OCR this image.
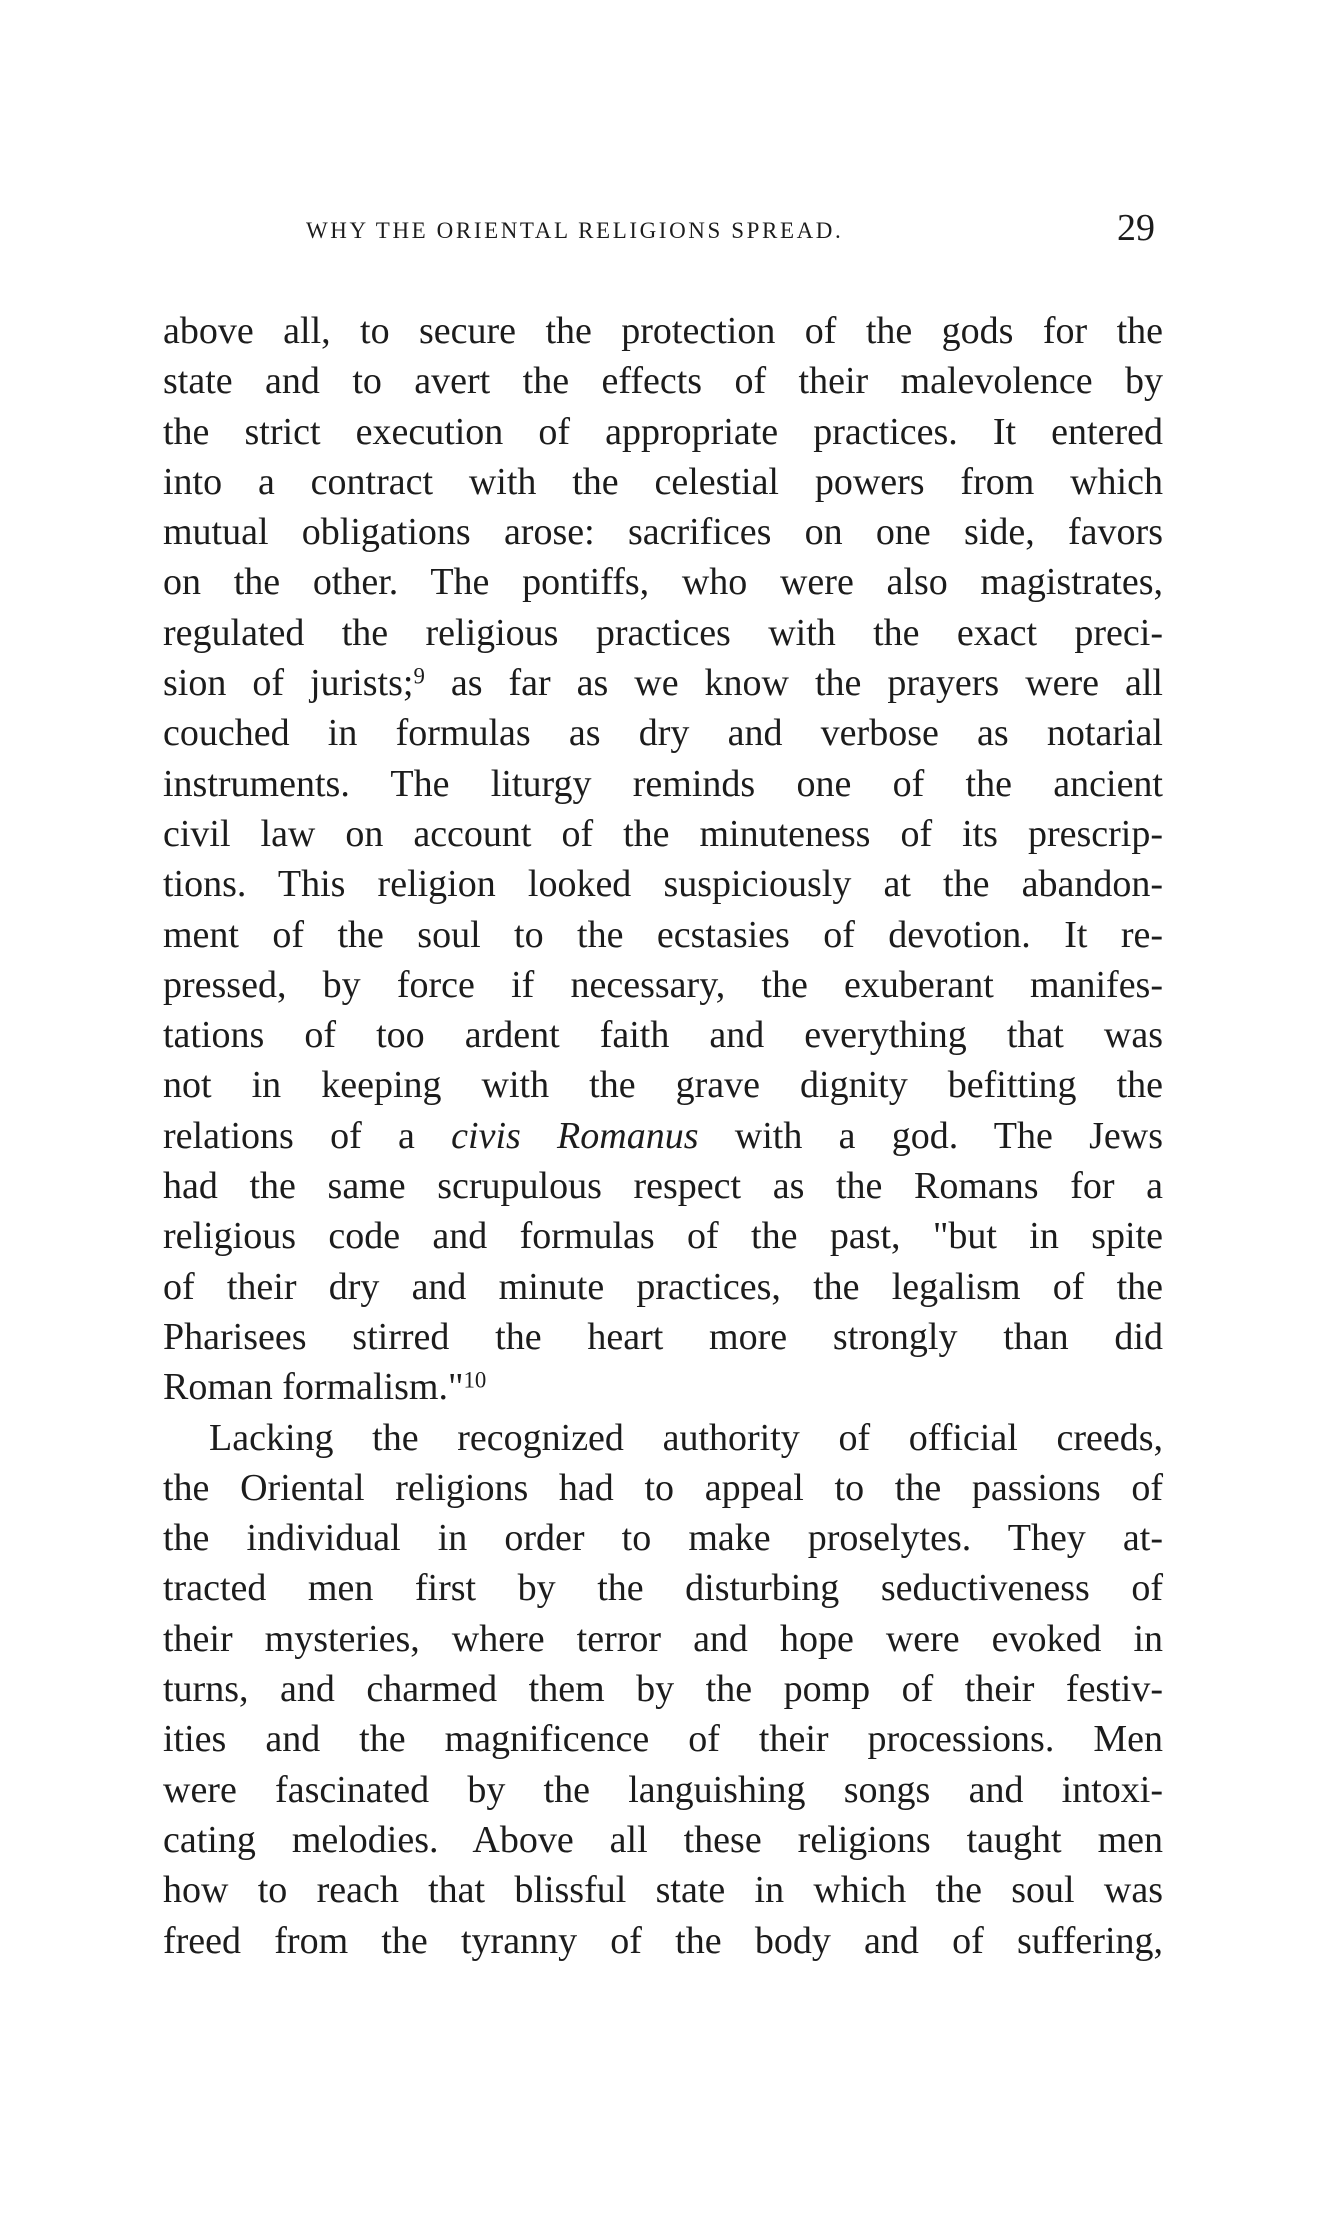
WHY THE ORIENTAL RELIGIONS SPREAD.	29
above all, to secure the protection of the gods for the
state and to avert the effects of their malevolence by
the strict execution of appropriate practices. It entered
into a contract with the celestial powers from which
mutual obligations arose: sacrifices on one side, favors
on the other. The pontiffs, who were also magistrates,
regulated the religious practices with the exact preci-
sion of jurists;$^9$ as far as we know the prayers were all
couched in formulas as dry and verbose as notarial
instruments. The liturgy reminds one of the ancient
civil law on account of the minuteness of its prescrip-
tions. This religion looked suspiciously at the abandon-
ment of the soul to the ecstasies of devotion. It re-
pressed, by force if necessary, the exuberant manifes-
tations of too ardent faith and everything that was
not in keeping with the grave dignity befitting the
relations of a civis Romanus with a god. The Jews
had the same scrupulous respect as the Romans for a
religious code and formulas of the past, "but in spite
of their dry and minute practices, the legalism of the
Pharisees stirred the heart more strongly than did
Roman formalism."$^{10}$
Lacking the recognized authority of official creeds,
the Oriental religions had to appeal to the passions of
the individual in order to make proselytes. They at-
tracted men first by the disturbing seductiveness of
their mysteries, where terror and hope were evoked in
turns, and charmed them by the pomp of their festiv-
ities and the magnificence of their processions. Men
were fascinated by the languishing songs and intoxi-
cating melodies. Above all these religions taught men
how to reach that blissful state in which the soul was
freed from the tyranny of the body and of suffering,
